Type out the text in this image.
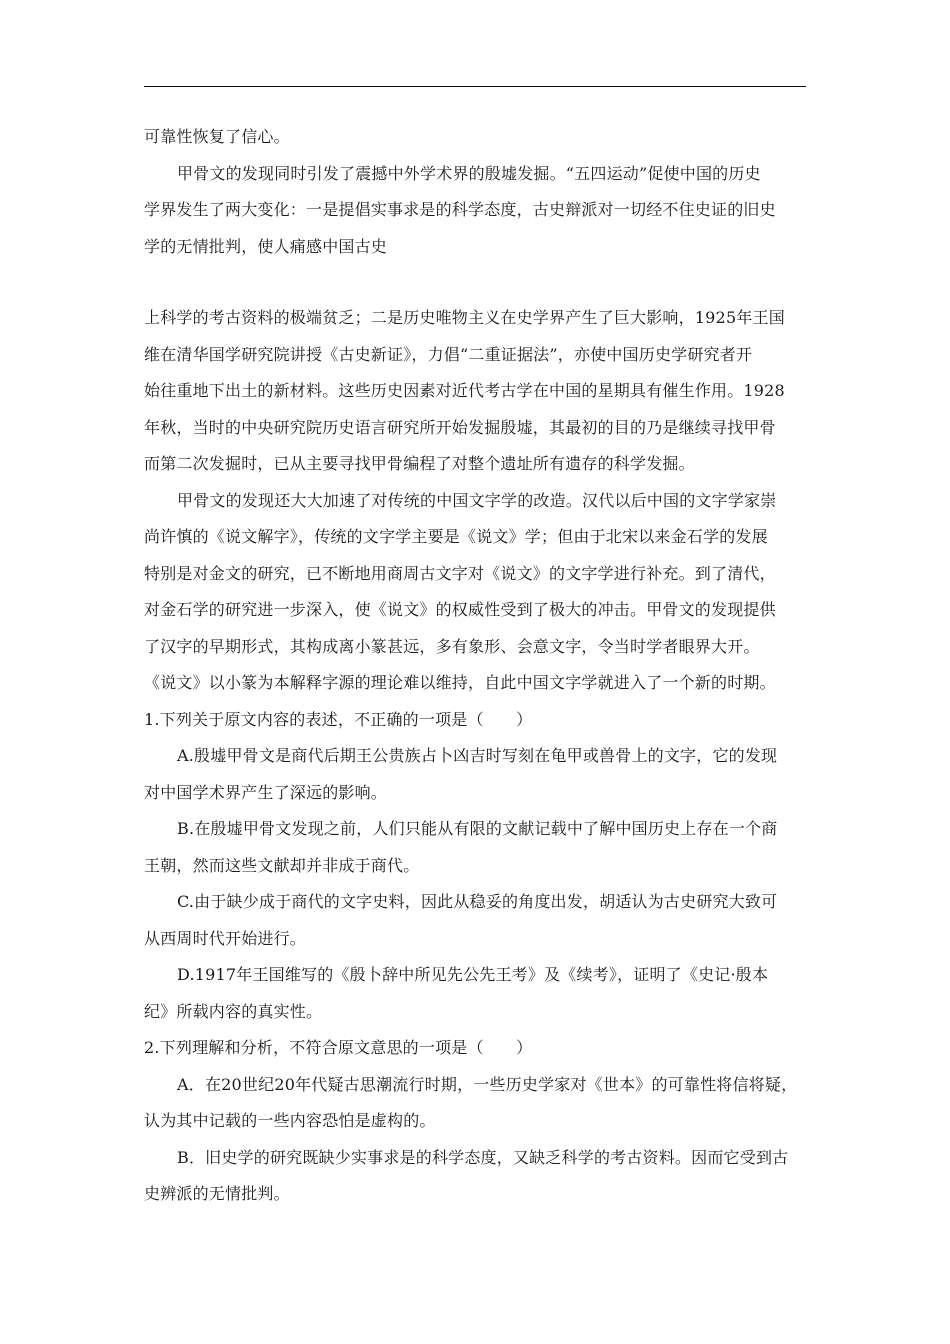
可靠性恢复了信心。
甲骨文的发现同时引发了震撼中外学术界的殷墟发掘。“五四运动”促使中国的历史
学界发生了两大变化：一是提倡实事求是的科学态度，古史辩派对一切经不住史证的旧史
学的无情批判，使人痛感中国古史
上科学的考古资料的极端贫乏；二是历史唯物主义在史学界产生了巨大影响，1925年王国
维在清华国学研究院讲授《古史新证》，力倡“二重证据法”，亦使中国历史学研究者开
始往重地下出土的新材料。这些历史因素对近代考古学在中国的星期具有催生作用。1928
年秋，当时的中央研究院历史语言研究所开始发掘殷墟，其最初的目的乃是继续寻找甲骨
而第二次发掘时，已从主要寻找甲骨编程了对整个遗址所有遗存的科学发掘。
甲骨文的发现还大大加速了对传统的中国文字学的改造。汉代以后中国的文字学家崇
尚许慎的《说文解字》，传统的文字学主要是《说文》学；但由于北宋以来金石学的发展
特别是对金文的研究，已不断地用商周古文字对《说文》的文字学进行补充。到了清代，
对金石学的研究进一步深入，使《说文》的权威性受到了极大的冲击。甲骨文的发现提供
了汉字的早期形式，其构成离小篆甚远，多有象形、会意文字，令当时学者眼界大开。
《说文》以小篆为本解释字源的理论难以维持，自此中国文字学就进入了一个新的时期。
1.下列关于原文内容的表述，不正确的一项是（　　）
A.殷墟甲骨文是商代后期王公贵族占卜凶吉时写刻在龟甲或兽骨上的文字，它的发现
对中国学术界产生了深远的影响。
B.在殷墟甲骨文发现之前，人们只能从有限的文献记载中了解中国历史上存在一个商
王朝，然而这些文献却并非成于商代。
C.由于缺少成于商代的文字史料，因此从稳妥的角度出发，胡适认为古史研究大致可
从西周时代开始进行。
D.1917年王国维写的《殷卜辞中所见先公先王考》及《续考》，证明了《史记·殷本
纪》所载内容的真实性。
2.下列理解和分析，不符合原文意思的一项是（　　）
A．在20世纪20年代疑古思潮流行时期，一些历史学家对《世本》的可靠性将信将疑，
认为其中记载的一些内容恐怕是虚构的。
B．旧史学的研究既缺少实事求是的科学态度，又缺乏科学的考古资料。因而它受到古
史辨派的无情批判。
